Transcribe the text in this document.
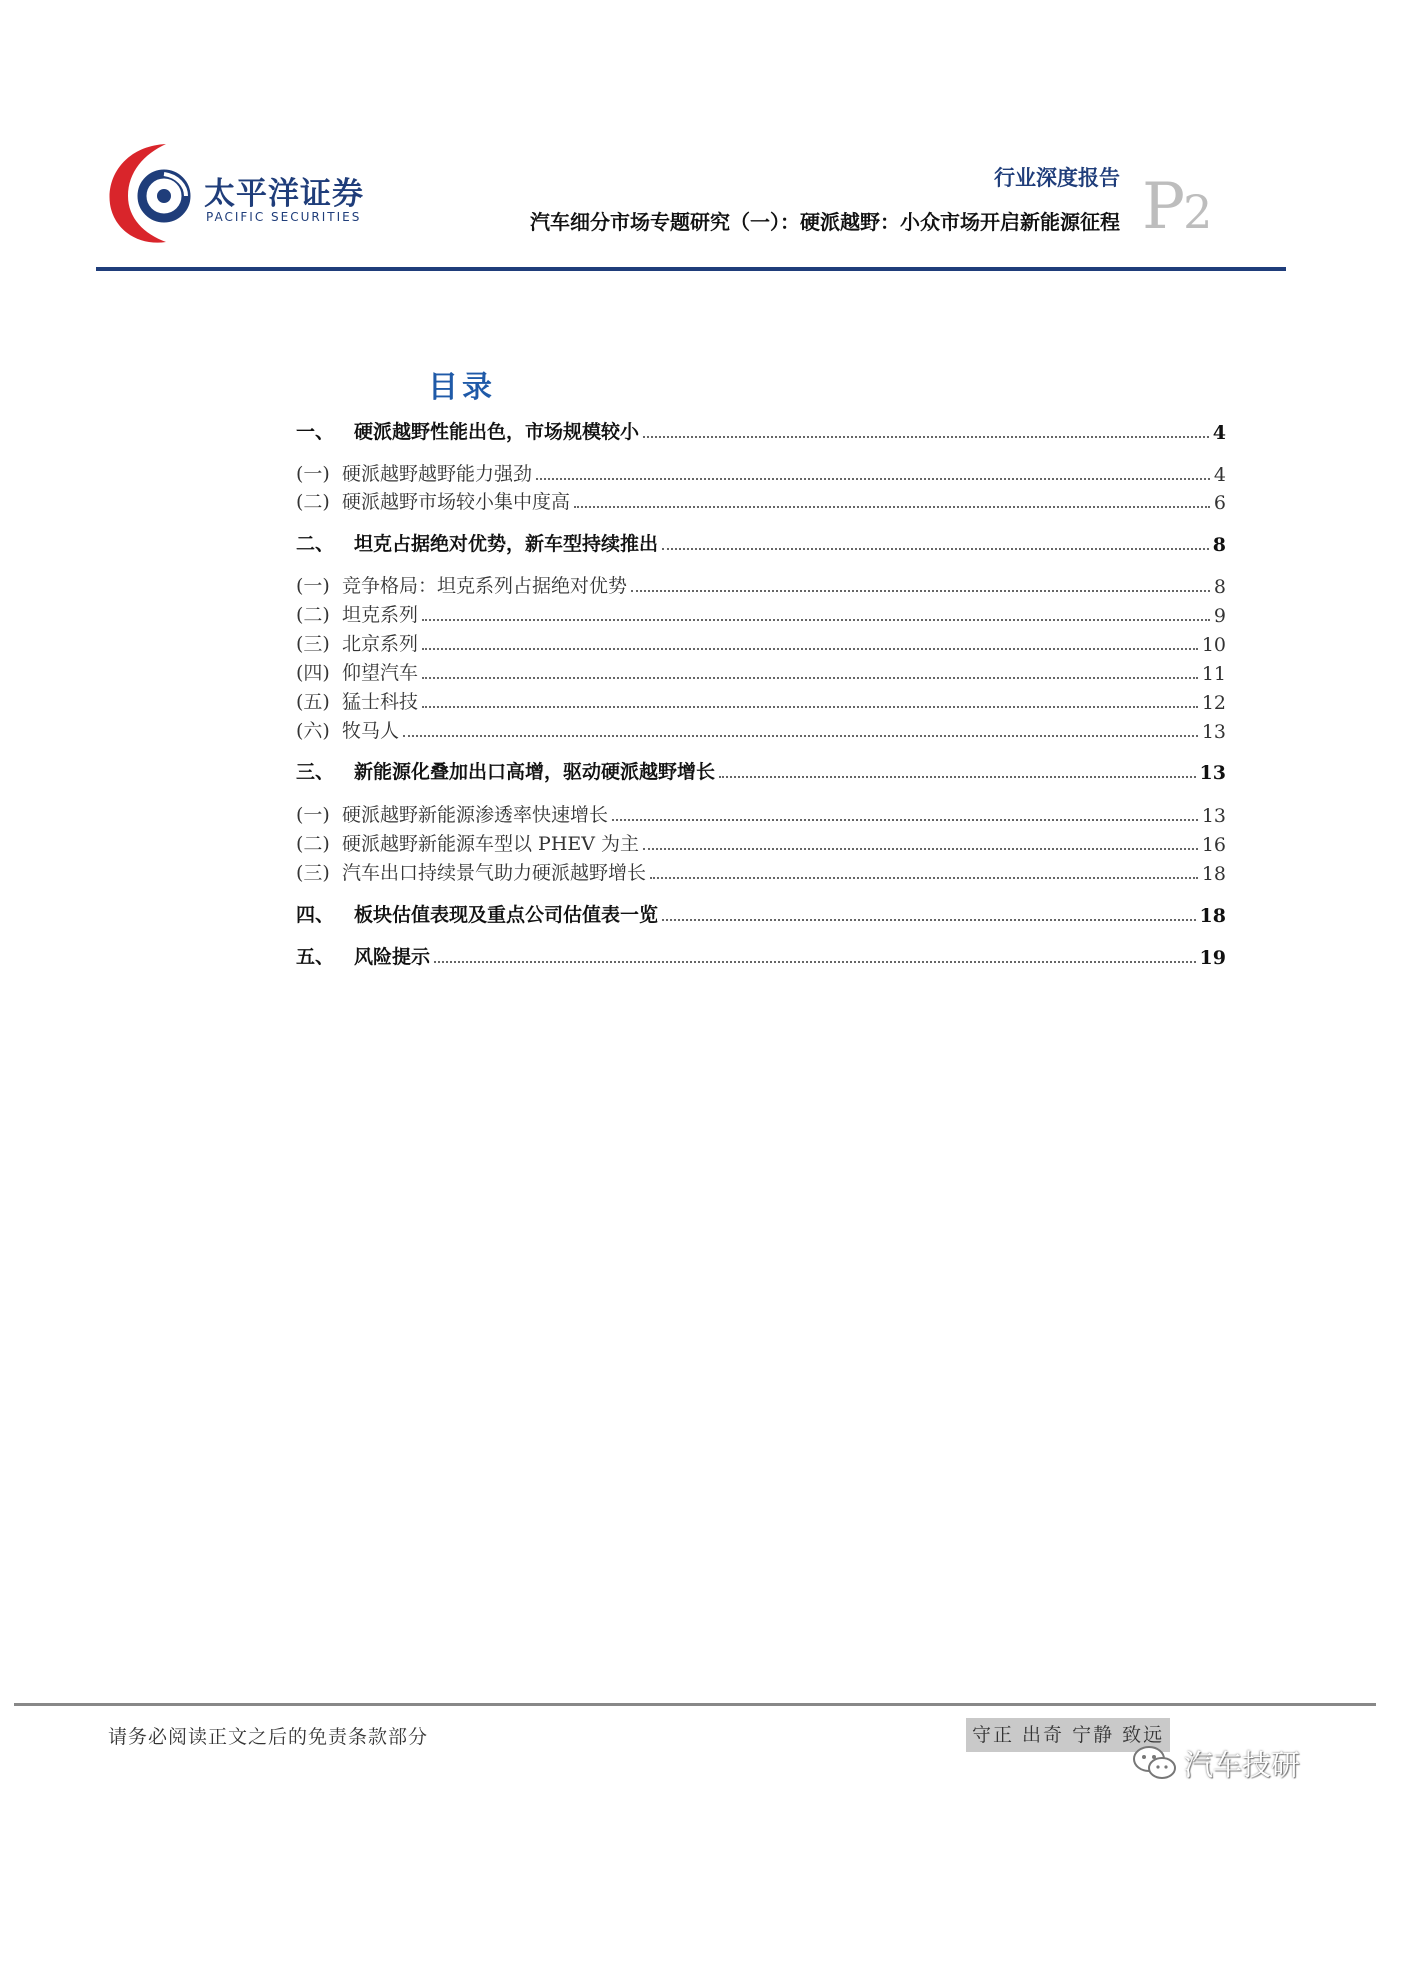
太平洋证券
PACIFIC SECURITIES
行业深度报告
汽车细分市场专题研究（一）：硬派越野：小众市场开启新能源征程 P2
目录
一、	硬派越野性能出色，市场规模较小	4
(一) 硬派越野越野能力强劲	4
(二) 硬派越野市场较小集中度高	6
二、	坦克占据绝对优势，新车型持续推出	8
(一) 竞争格局：坦克系列占据绝对优势	8
(二) 坦克系列	9
(三) 北京系列	10
(四) 仰望汽车	11
(五) 猛士科技	12
(六) 牧马人	13
三、	新能源化叠加出口高增，驱动硬派越野增长	13
(一) 硬派越野新能源渗透率快速增长	13
(二) 硬派越野新能源车型以 PHEV 为主	16
(三) 汽车出口持续景气助力硬派越野增长	18
四、	板块估值表现及重点公司估值表一览	18
五、	风险提示	19
请务必阅读正文之后的免责条款部分	守正 出奇 宁静 致远
汽车技研
